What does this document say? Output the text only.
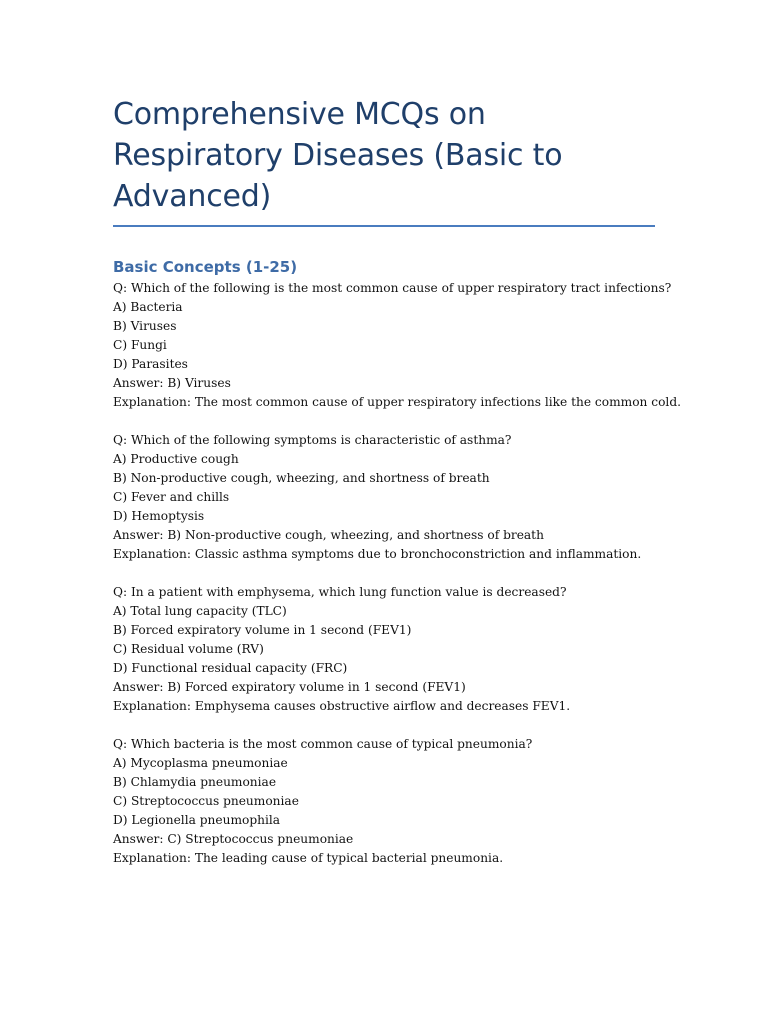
Comprehensive MCQs on Respiratory Diseases (Basic to Advanced)
Basic Concepts (1-25)
Q: Which of the following is the most common cause of upper respiratory tract infections?
A) Bacteria
B) Viruses
C) Fungi
D) Parasites
Answer: B) Viruses
Explanation: The most common cause of upper respiratory infections like the common cold.
Q: Which of the following symptoms is characteristic of asthma?
A) Productive cough
B) Non-productive cough, wheezing, and shortness of breath
C) Fever and chills
D) Hemoptysis
Answer: B) Non-productive cough, wheezing, and shortness of breath
Explanation: Classic asthma symptoms due to bronchoconstriction and inflammation.
Q: In a patient with emphysema, which lung function value is decreased?
A) Total lung capacity (TLC)
B) Forced expiratory volume in 1 second (FEV1)
C) Residual volume (RV)
D) Functional residual capacity (FRC)
Answer: B) Forced expiratory volume in 1 second (FEV1)
Explanation: Emphysema causes obstructive airflow and decreases FEV1.
Q: Which bacteria is the most common cause of typical pneumonia?
A) Mycoplasma pneumoniae
B) Chlamydia pneumoniae
C) Streptococcus pneumoniae
D) Legionella pneumophila
Answer: C) Streptococcus pneumoniae
Explanation: The leading cause of typical bacterial pneumonia.
